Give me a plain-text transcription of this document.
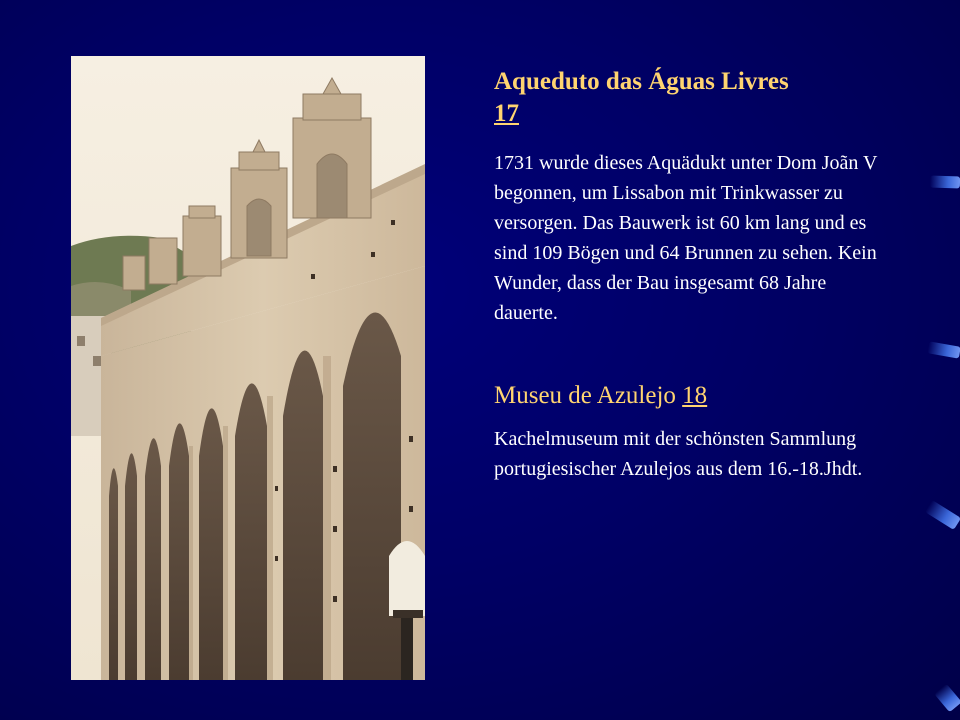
Aqueduto das Águas Livres
17

1731 wurde dieses Aquädukt unter Dom Joãn V begonnen, um Lissabon mit Trinkwasser zu versorgen. Das Bauwerk ist 60 km lang und es sind 109 Bögen und 64 Brunnen zu sehen. Kein Wunder, dass der Bau insgesamt 68 Jahre dauerte.

Museu de Azulejo 18

Kachelmuseum mit der schönsten Sammlung portugiesischer Azulejos aus dem 16.-18.Jhdt.
